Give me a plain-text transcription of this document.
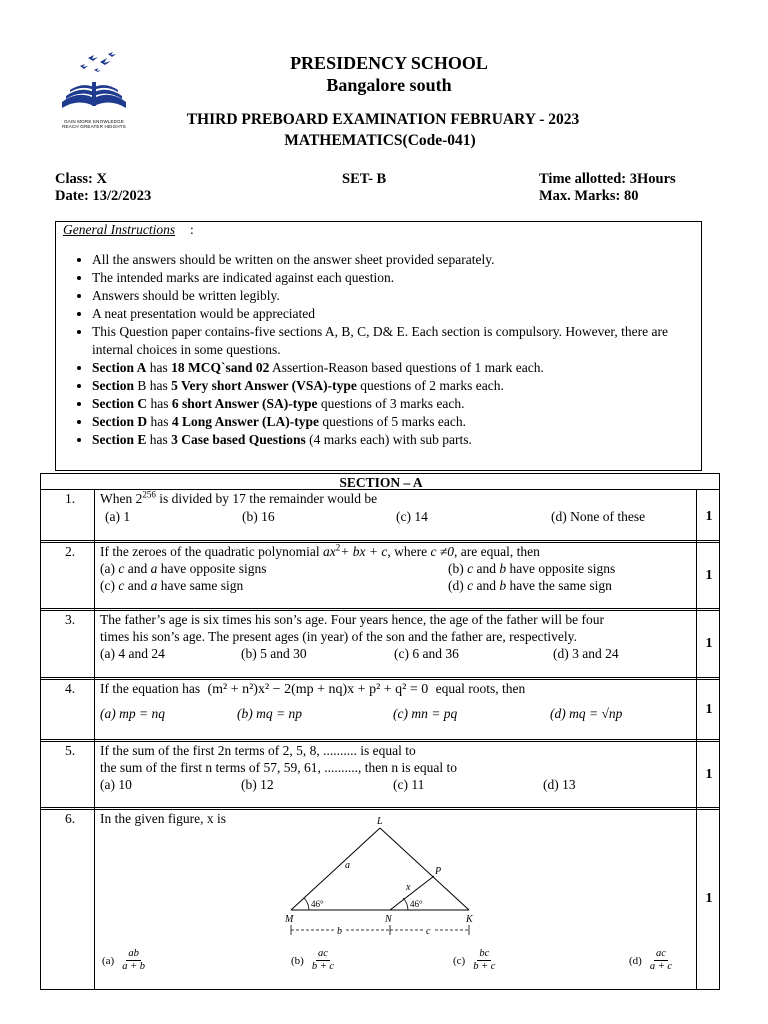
GAIN MORE KNOWLEDGE
REACH GREATER HEIGHTS
PRESIDENCY SCHOOL
Bangalore south
THIRD PREBOARD EXAMINATION FEBRUARY - 2023
MATHEMATICS(Code-041)
Class: X
Date: 13/2/2023
SET- B	Time allotted: 3Hours
Max. Marks: 80
General Instructions :
• All the answers should be written on the answer sheet provided separately.
• The intended marks are indicated against each question.
• Answers should be written legibly.
• A neat presentation would be appreciated
• This Question paper contains-five sections A, B, C, D& E. Each section is compulsory. However, there are internal choices in some questions.
• Section A has 18 MCQ`sand 02 Assertion-Reason based questions of 1 mark each.
• Section B has 5 Very short Answer (VSA)-type questions of 2 marks each.
• Section C has 6 short Answer (SA)-type questions of 3 marks each.
• Section D has 4 Long Answer (LA)-type questions of 5 marks each.
• Section E has 3 Case based Questions (4 marks each) with sub parts.
SECTION – A
1.	When $2^{256}$ is divided by 17 the remainder would be
(a) 1	(b) 16	(c) 14	(d) None of these	1
2.	If the zeroes of the quadratic polynomial $ax^2+$ bx + c, where c ≠0, are equal, then
(a) c and a have opposite signs	(b) c and b have opposite signs
(c) c and a have same sign	(d) c and b have the same sign
1
3.	The father’s age is six times his son’s age. Four years hence, the age of the father will be four
times his son’s age. The present ages (in year) of the son and the father are, respectively.
(a) 4 and 24	(b) 5 and 30	(c) 6 and 36	(d) 3 and 24
1
4.	If the equation has (m² + n²)x² − 2(mp + nq)x + p² + q² = 0 equal roots, then
(a) mp = nq	(b) mq = np	(c) mn = pq	(d) mq = √np	1
5.	If the sum of the first 2n terms of 2, 5, 8, .......... is equal to
the sum of the first n terms of 57, 59, 61, .........., then n is equal to
(a) 10	(b) 12	(c) 11	(d) 13
1
6.	In the given figure, x is
1
L
P
M	N	K
a
x
46°	46°
b	c
$(a) \frac{ab}{a + b}$	$(b) \frac{ac}{b + c}$	$(c) \frac{bc}{b + c}$	$(d) \frac{ac}{a + c}$
